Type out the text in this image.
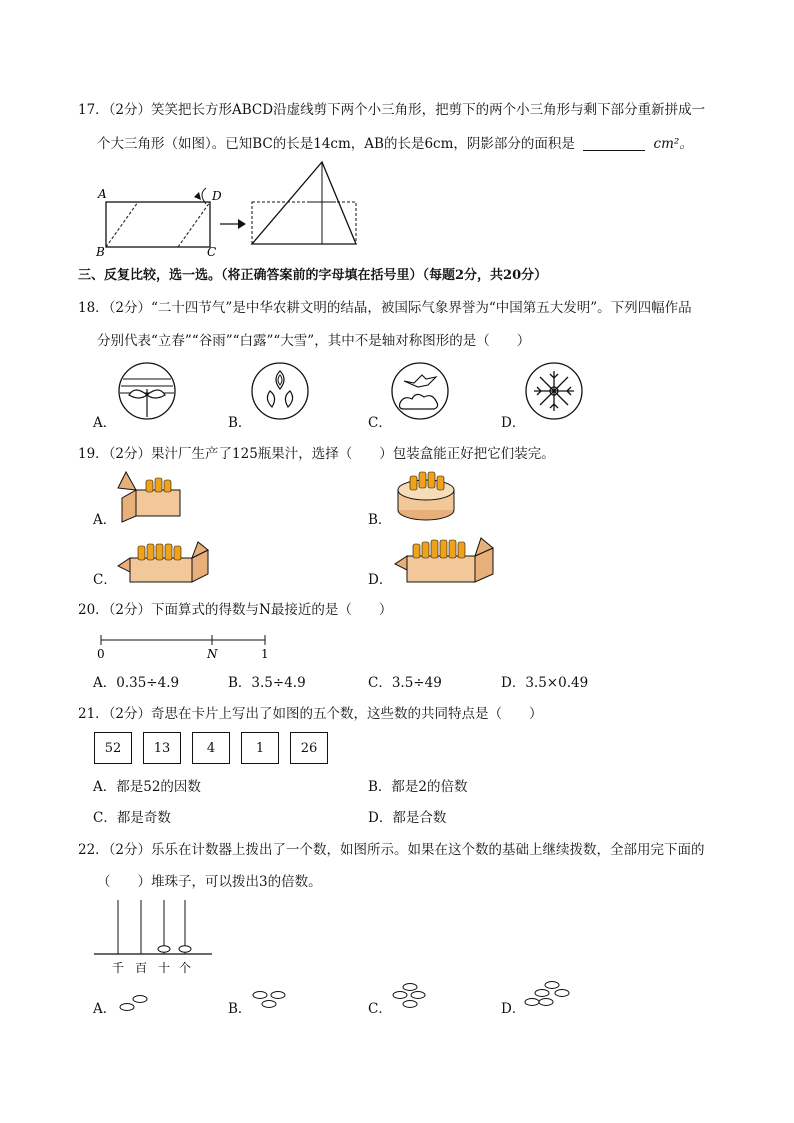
17．（2分）笑笑把长方形ABCD沿虚线剪下两个小三角形，把剪下的两个小三角形与剩下部分重新拼成一
个大三角形（如图）。已知BC的长是14cm，AB的长是6cm，阴影部分的面积是	cm²。
A	D
B	C
三、反复比较，选一选。（将正确答案前的字母填在括号里）（每题2分，共20分）
18．（2分）“二十四节气”是中华农耕文明的结晶，被国际气象界誉为“中国第五大发明”。下列四幅作品
分别代表“立春”“谷雨”“白露”“大雪”，其中不是轴对称图形的是（　　）
A．	B．	C．	D．
19．（2分）果汁厂生产了125瓶果汁，选择（　　）包装盒能正好把它们装完。
A．	B．
C．	D．
20．（2分）下面算式的得数与N最接近的是（　　）
0	N	1
A．0.35÷4.9	B．3.5÷4.9	C．3.5÷49	D．3.5×0.49
21．（2分）奇思在卡片上写出了如图的五个数，这些数的共同特点是（　　）
52	13	4	1	26
A．都是52的因数	B．都是2的倍数
C．都是奇数	D．都是合数
22．（2分）乐乐在计数器上拨出了一个数，如图所示。如果在这个数的基础上继续拨数，全部用完下面的
（　　）堆珠子，可以拨出3的倍数。
千 百 十 个
A．	B．	C．	D．
